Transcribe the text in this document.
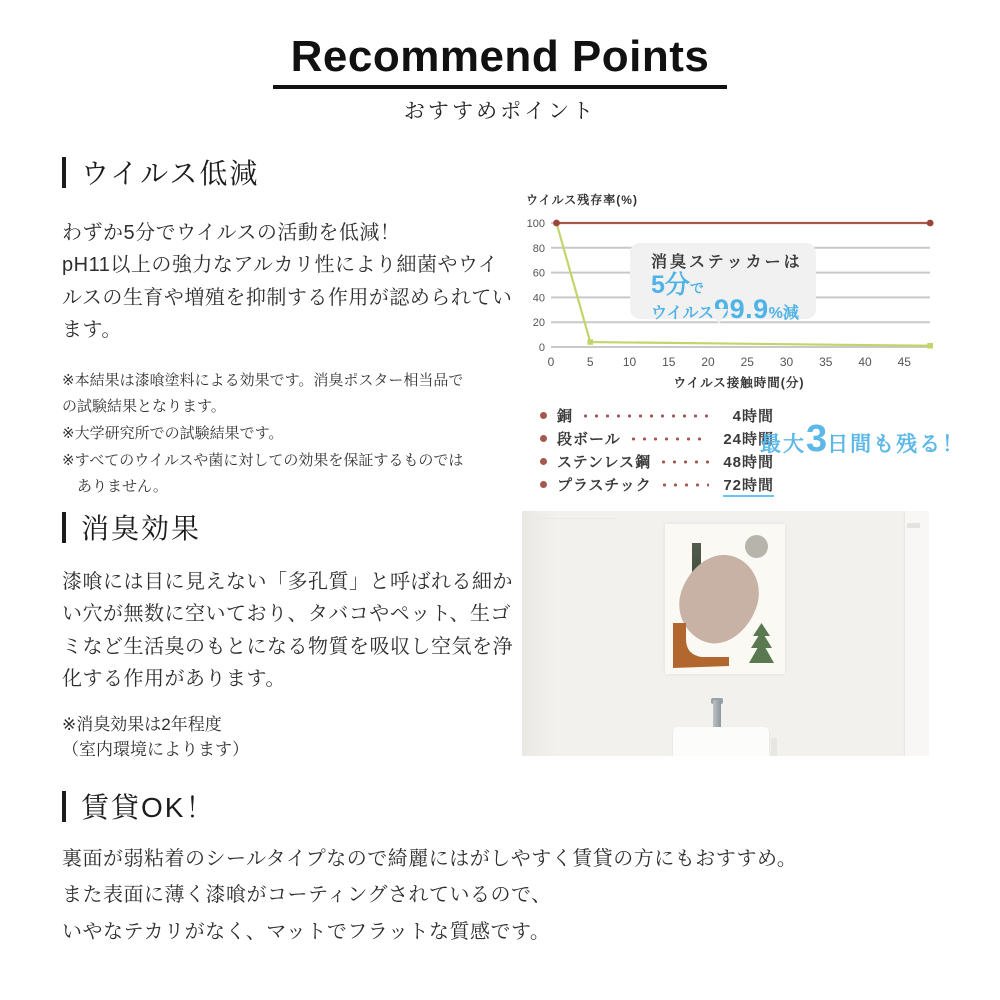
Recommend Points
おすすめポイント
ウイルス低減

わずか5分でウイルスの活動を低減！
pH11以上の強力なアルカリ性により細菌やウイルスの生育や増殖を抑制する作用が認められています。

※本結果は漆喰塗料による効果です。消臭ポスター相当品での試験結果となります。
※大学研究所での試験結果です。
※すべてのウイルスや菌に対しての効果を保証するものではありません。
ウイルス残存率(%)
100
80
60
40
20
0
0	5 10 15 20 25 30 35 40 45
消臭ステッカーは
5分で
ウイルス99.9%減
ウイルス接触時間(分)
銅	4時間
段ボール	24時間
ステンレス鋼	48時間
プラスチック	72時間
最大 3 日間も残る！
消臭効果

漆喰には目に見えない「多孔質」と呼ばれる細かい穴が無数に空いており、タバコやペット、生ゴミなど生活臭のもとになる物質を吸収し空気を浄化する作用があります。

※消臭効果は2年程度
（室内環境によります）
賃貸OK！

裏面が弱粘着のシールタイプなので綺麗にはがしやすく賃貸の方にもおすすめ。
また表面に薄く漆喰がコーティングされているので、
いやなテカリがなく、マットでフラットな質感です。
